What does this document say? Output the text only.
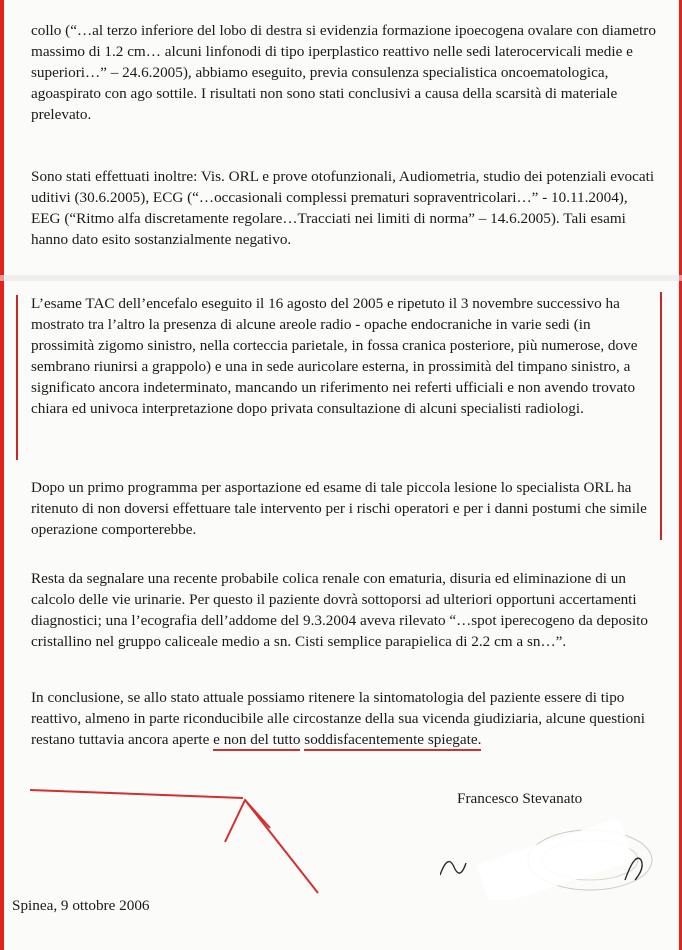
collo (“…al terzo inferiore del lobo di destra si evidenzia formazione ipoecogena ovalare con diametro massimo di 1.2 cm… alcuni linfonodi di tipo iperplastico reattivo nelle sedi laterocervicali medie e superiori…” – 24.6.2005), abbiamo eseguito, previa consulenza specialistica oncoematologica, agoaspirato con ago sottile. I risultati non sono stati conclusivi a causa della scarsità di materiale prelevato.

Sono stati effettuati inoltre: Vis. ORL e prove otofunzionali, Audiometria, studio dei potenziali evocati uditivi (30.6.2005), ECG (“…occasionali complessi prematuri sopraventricolari…” - 10.11.2004), EEG (“Ritmo alfa discretamente regolare…Tracciati nei limiti di norma” – 14.6.2005). Tali esami hanno dato esito sostanzialmente negativo.

L’esame TAC dell’encefalo eseguito il 16 agosto del 2005 e ripetuto il 3 novembre successivo ha mostrato tra l’altro la presenza di alcune areole radio - opache endocraniche in varie sedi (in prossimità zigomo sinistro, nella corteccia parietale, in fossa cranica posteriore, più numerose, dove sembrano riunirsi a grappolo) e una in sede auricolare esterna, in prossimità del timpano sinistro, a significato ancora indeterminato, mancando un riferimento nei referti ufficiali e non avendo trovato chiara ed univoca interpretazione dopo privata consultazione di alcuni specialisti radiologi.

Dopo un primo programma per asportazione ed esame di tale piccola lesione lo specialista ORL ha ritenuto di non doversi effettuare tale intervento per i rischi operatori e per i danni postumi che simile operazione comporterebbe.

Resta da segnalare una recente probabile colica renale con ematuria, disuria ed eliminazione di un calcolo delle vie urinarie. Per questo il paziente dovrà sottoporsi ad ulteriori opportuni accertamenti diagnostici; una l’ecografia dell’addome del 9.3.2004 aveva rilevato “…spot iperecogeno da deposito cristallino nel gruppo caliceale medio a sn. Cisti semplice parapielica di 2.2 cm a sn…”.

In conclusione, se allo stato attuale possiamo ritenere la sintomatologia del paziente essere di tipo reattivo, almeno in parte riconducibile alle circostanze della sua vicenda giudiziaria, alcune questioni restano tuttavia ancora aperte e non del tutto soddisfacentemente spiegate.

Francesco Stevanato
Spinea, 9 ottobre 2006
